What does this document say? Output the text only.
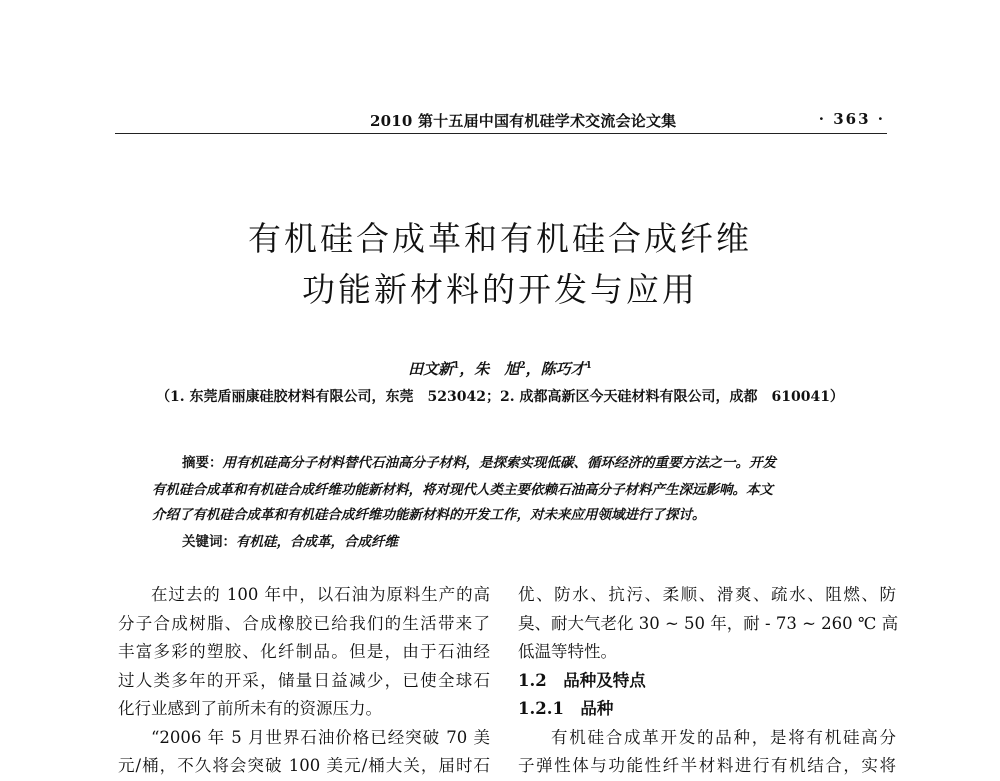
2010 第十五届中国有机硅学术交流会论文集	· 363 ·
有机硅合成革和有机硅合成纤维
功能新材料的开发与应用
田文新$^1$，朱　旭$^2$，陈巧才$^1$
（1. 东莞盾丽康硅胶材料有限公司，东莞　523042；2. 成都高新区今天硅材料有限公司，成都　610041）
摘要：用有机硅高分子材料替代石油高分子材料，是探索实现低碳、循环经济的重要方法之一。开发
有机硅合成革和有机硅合成纤维功能新材料，将对现代人类主要依赖石油高分子材料产生深远影响。本文
介绍了有机硅合成革和有机硅合成纤维功能新材料的开发工作，对未来应用领域进行了探讨。
关键词：有机硅，合成革，合成纤维
在过去的 100 年中，以石油为原料生产的高
分子合成树脂、合成橡胶已给我们的生活带来了
丰富多彩的塑胶、化纤制品。但是，由于石油经
过人类多年的开采，储量日益减少，已使全球石
化行业感到了前所未有的资源压力。
“2006 年 5 月世界石油价格已经突破 70 美
元/桶，不久将会突破 100 美元/桶大关，届时石
优、防水、抗污、柔顺、滑爽、疏水、阻燃、防
臭、耐大气老化 30 ~ 50 年，耐 - 73 ~ 260 ℃ 高
低温等特性。
1.2　品种及特点
1.2.1　品种
有机硅合成革开发的品种，是将有机硅高分
子弹性体与功能性纤半材料进行有机结合，实将
